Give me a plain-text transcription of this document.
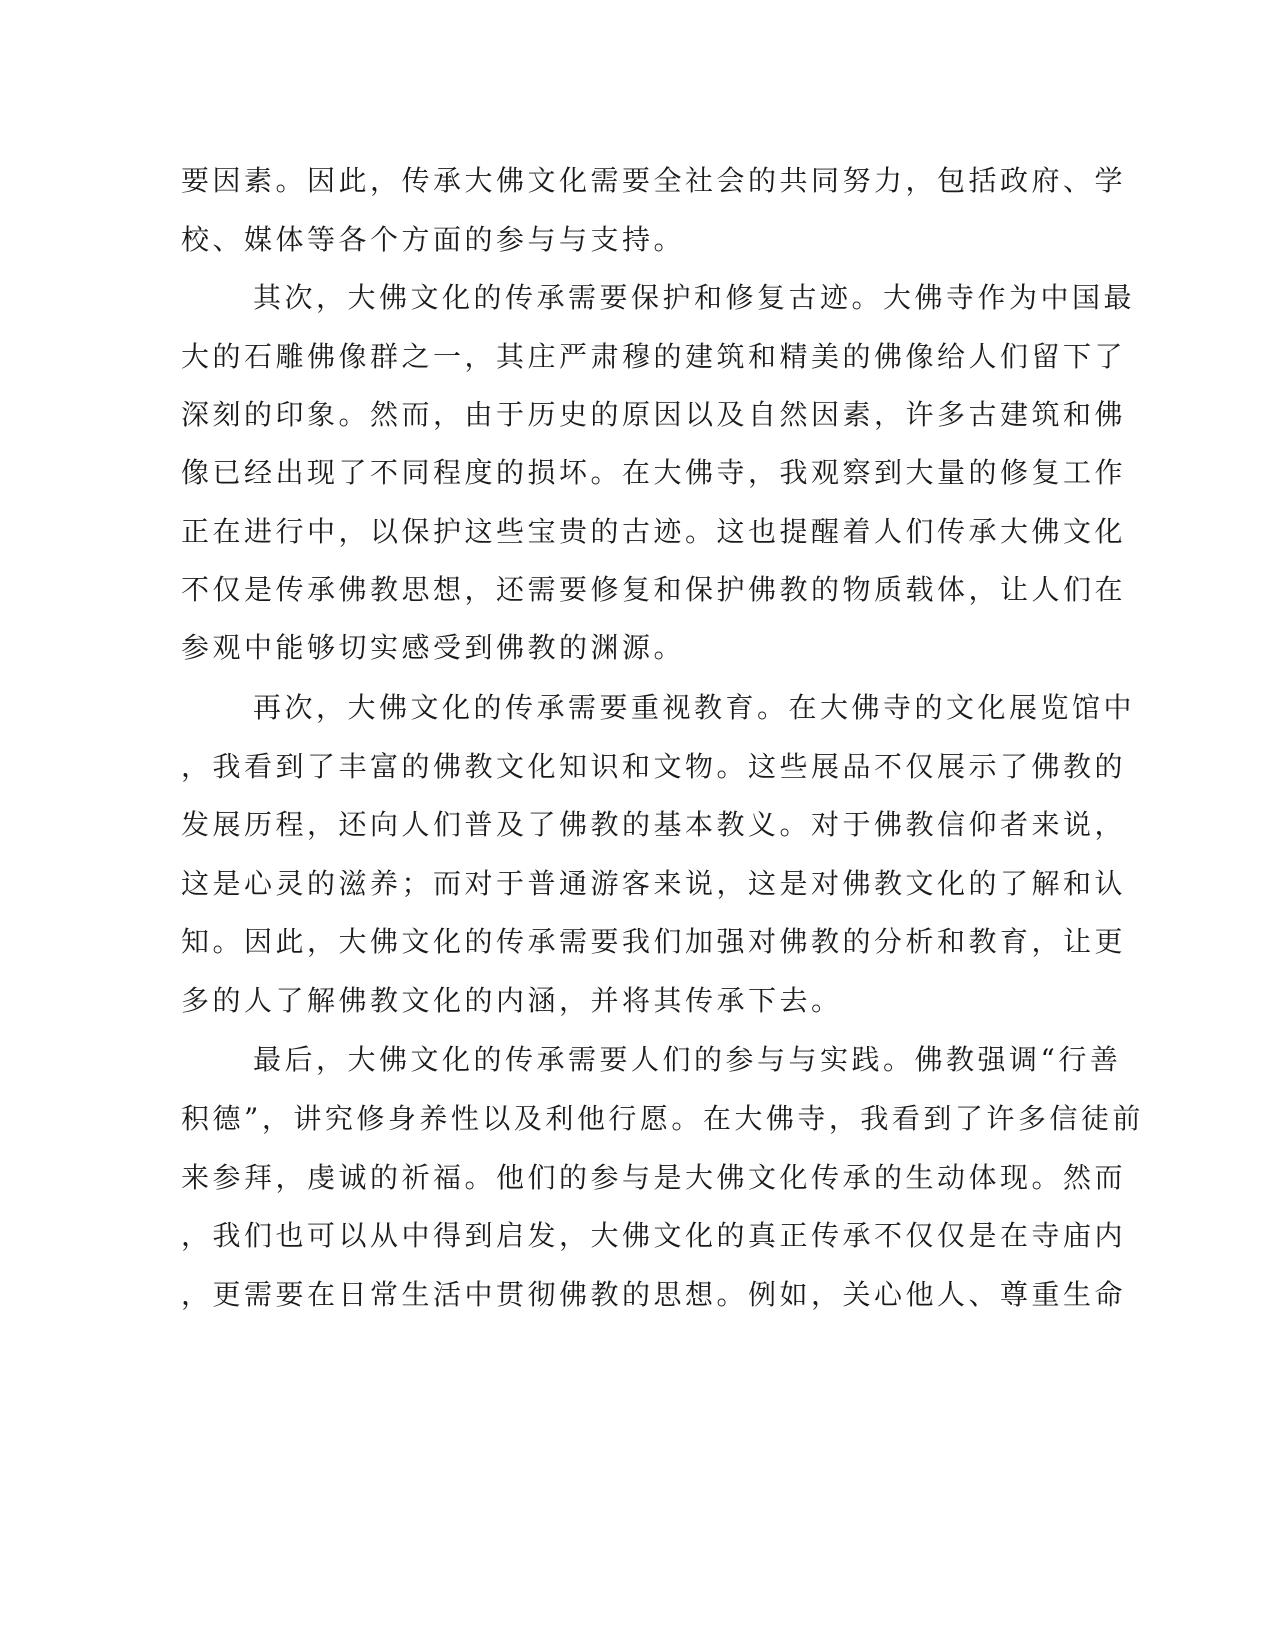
要因素。因此，传承大佛文化需要全社会的共同努力，包括政府、学

校、媒体等各个方面的参与与支持。

其次，大佛文化的传承需要保护和修复古迹。大佛寺作为中国最

大的石雕佛像群之一，其庄严肃穆的建筑和精美的佛像给人们留下了

深刻的印象。然而，由于历史的原因以及自然因素，许多古建筑和佛

像已经出现了不同程度的损坏。在大佛寺，我观察到大量的修复工作

正在进行中，以保护这些宝贵的古迹。这也提醒着人们传承大佛文化

不仅是传承佛教思想，还需要修复和保护佛教的物质载体，让人们在

参观中能够切实感受到佛教的渊源。

再次，大佛文化的传承需要重视教育。在大佛寺的文化展览馆中

，我看到了丰富的佛教文化知识和文物。这些展品不仅展示了佛教的

发展历程，还向人们普及了佛教的基本教义。对于佛教信仰者来说，

这是心灵的滋养；而对于普通游客来说，这是对佛教文化的了解和认

知。因此，大佛文化的传承需要我们加强对佛教的分析和教育，让更

多的人了解佛教文化的内涵，并将其传承下去。

最后，大佛文化的传承需要人们的参与与实践。佛教强调“行善

积德”，讲究修身养性以及利他行愿。在大佛寺，我看到了许多信徒前

来参拜，虔诚的祈福。他们的参与是大佛文化传承的生动体现。然而

，我们也可以从中得到启发，大佛文化的真正传承不仅仅是在寺庙内

，更需要在日常生活中贯彻佛教的思想。例如，关心他人、尊重生命
